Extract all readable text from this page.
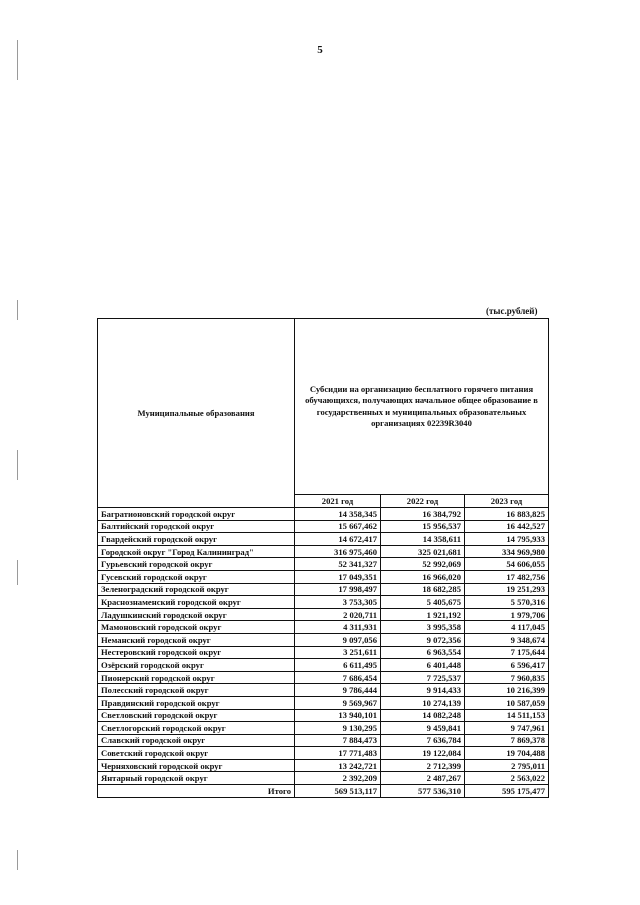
5
(тыс.рублей)
Муниципальные образования	Субсидии на организацию бесплатного горячего питания обучающихся, получающих начальное общее образование в государственных и муниципальных образовательных организациях 02239R3040		
	2021 год	2022 год	2023 год
Багратионовский городской округ	14 358,345	16 384,792	16 883,825
Балтийский городской округ	15 667,462	15 956,537	16 442,527
Гвардейский городской округ	14 672,417	14 358,611	14 795,933
Городской округ "Город Калининград"	316 975,460	325 021,681	334 969,980
Гурьевский городской округ	52 341,327	52 992,069	54 606,055
Гусевский городской округ	17 049,351	16 966,020	17 482,756
Зеленоградский городской округ	17 998,497	18 682,285	19 251,293
Краснознаменский городской округ	3 753,305	5 405,675	5 570,316
Ладушкинский городской округ	2 020,711	1 921,192	1 979,706
Мамоновский городской округ	4 311,931	3 995,358	4 117,045
Неманский городской округ	9 097,056	9 072,356	9 348,674
Нестеровский городской округ	3 251,611	6 963,554	7 175,644
Озёрский городской округ	6 611,495	6 401,448	6 596,417
Пионерский городской округ	7 686,454	7 725,537	7 960,835
Полесский городской округ	9 786,444	9 914,433	10 216,399
Правдинский городской округ	9 569,967	10 274,139	10 587,059
Светловский городской округ	13 940,101	14 082,248	14 511,153
Светлогорский городской округ	9 130,295	9 459,841	9 747,961
Славский городской округ	7 884,473	7 636,784	7 869,378
Советский городской округ	17 771,483	19 122,084	19 704,488
Черняховский городской округ	13 242,721	2 712,399	2 795,011
Янтарный городской округ	2 392,209	2 487,267	2 563,022
Итого	569 513,117	577 536,310	595 175,477
